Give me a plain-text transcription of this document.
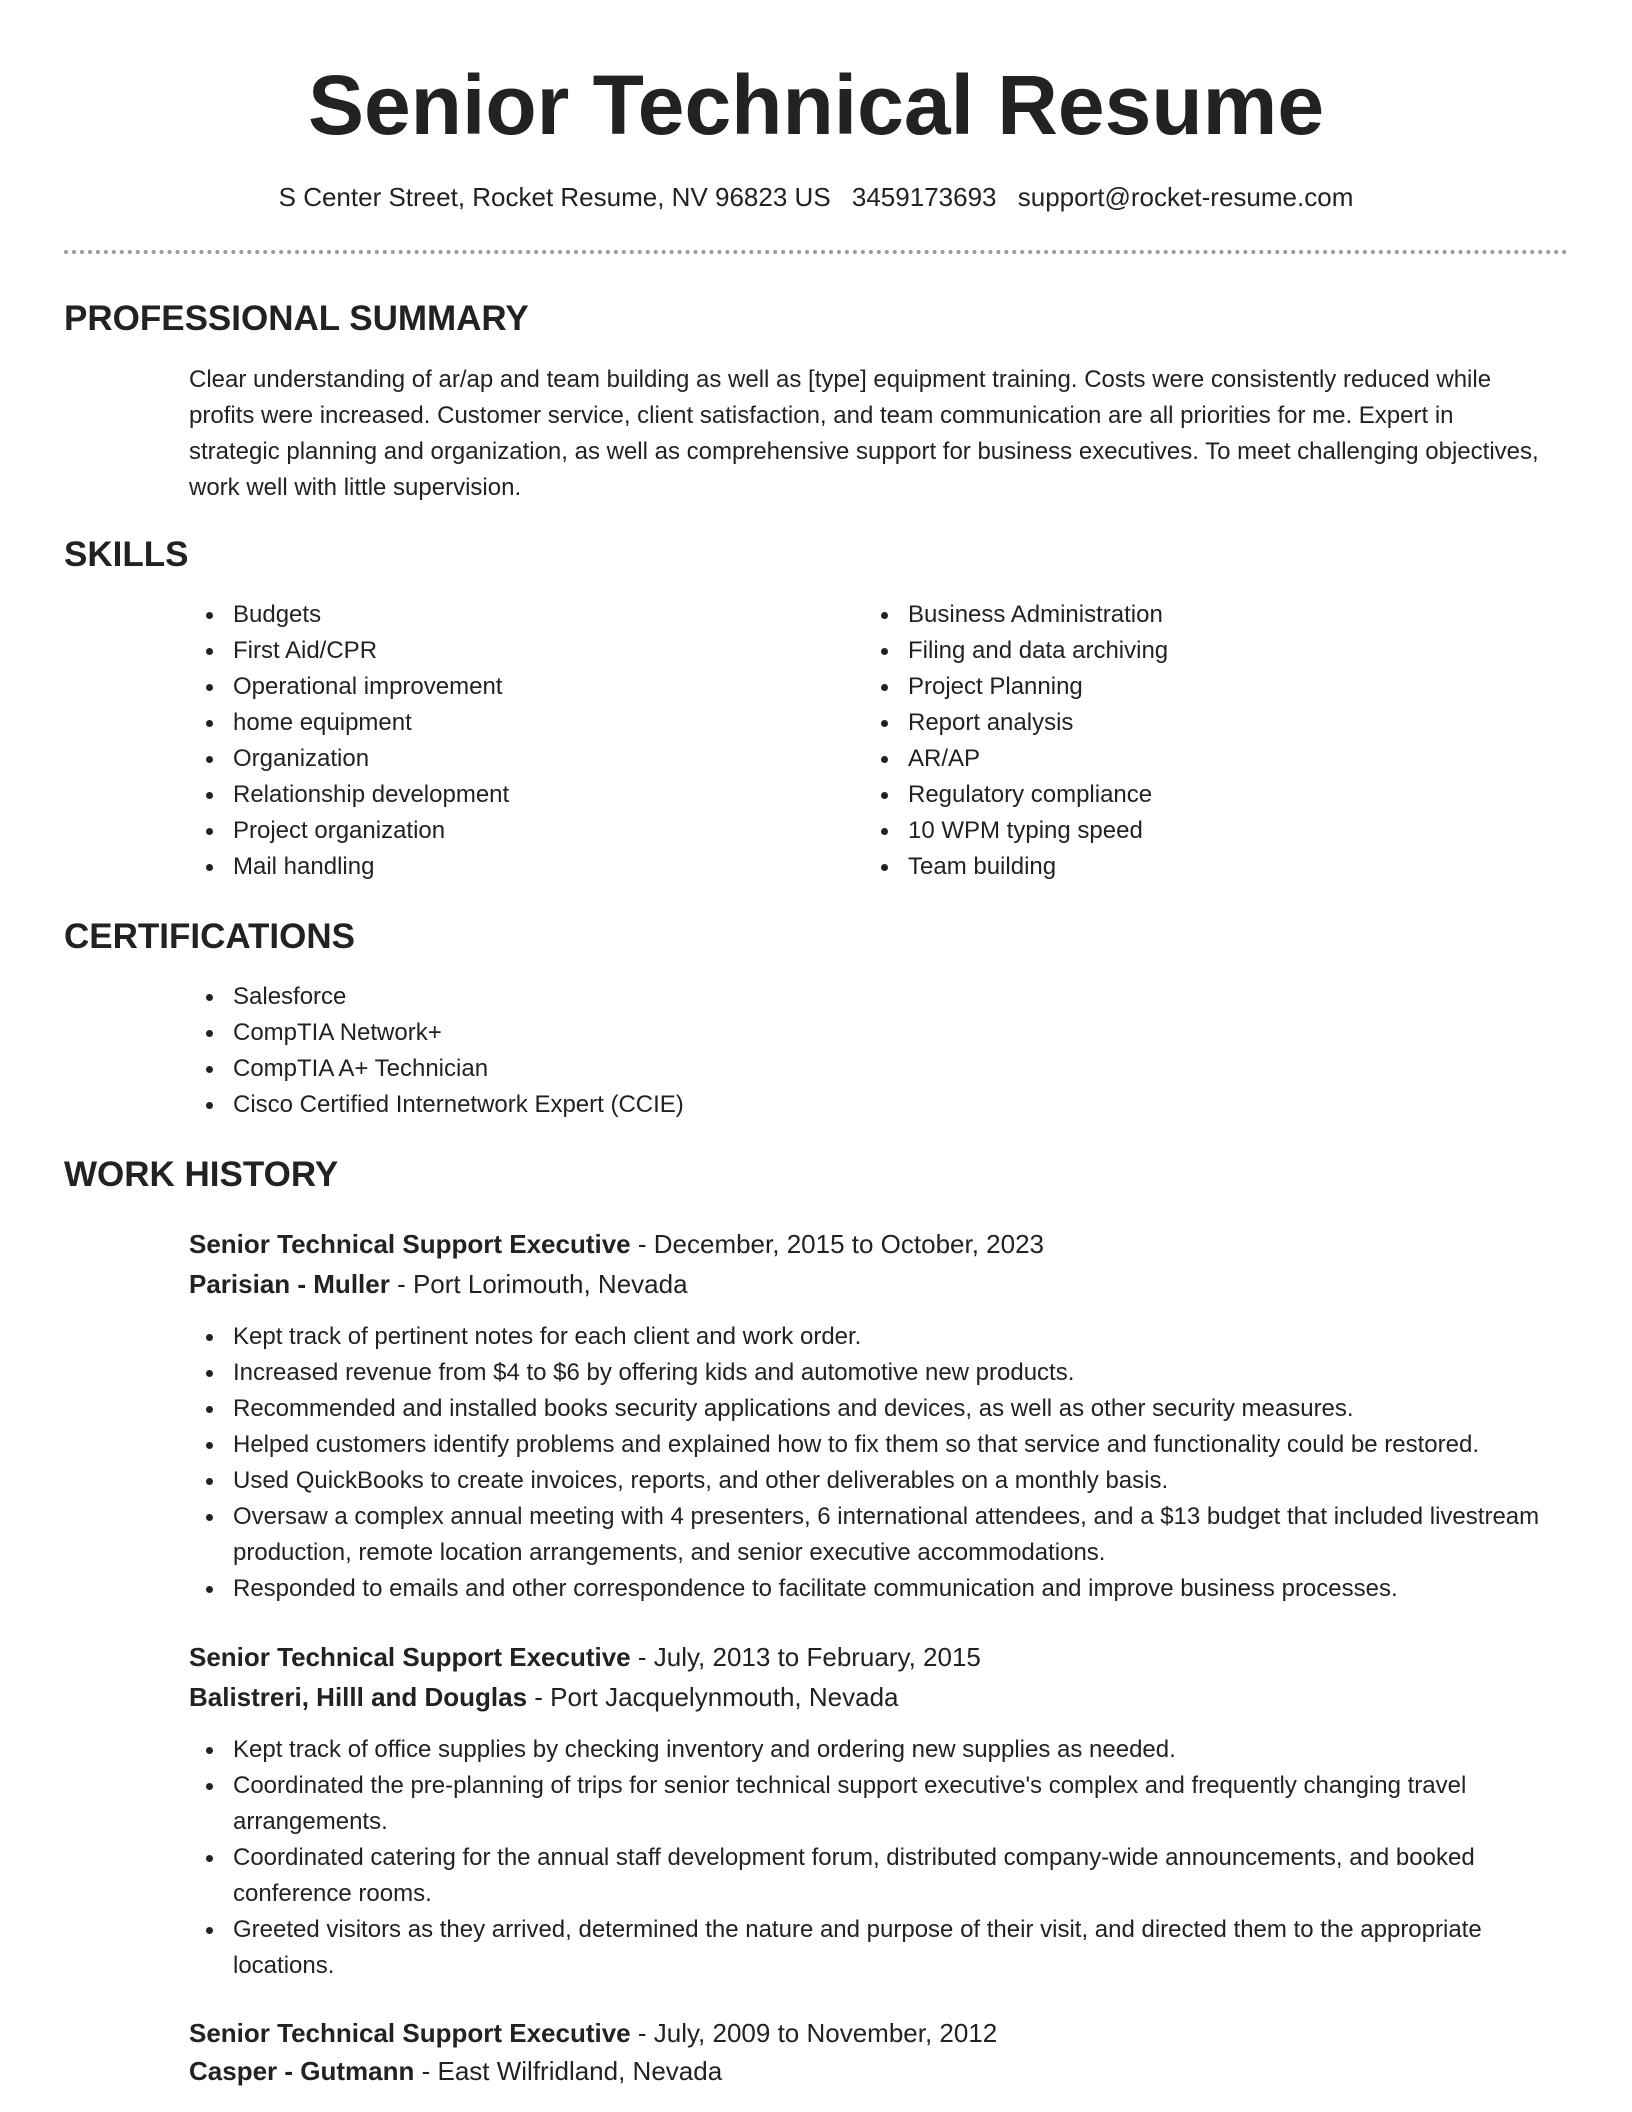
Senior Technical Resume
S Center Street, Rocket Resume, NV 96823 US 3459173693 support@rocket-resume.com
PROFESSIONAL SUMMARY

Clear understanding of ar/ap and team building as well as [type] equipment training. Costs were consistently reduced while profits were increased. Customer service, client satisfaction, and team communication are all priorities for me. Expert in strategic planning and organization, as well as comprehensive support for business executives. To meet challenging objectives, work well with little supervision.

SKILLS
Budgets
First Aid/CPR
Operational improvement
home equipment
Organization
Relationship development
Project organization
Mail handling
Business Administration
Filing and data archiving
Project Planning
Report analysis
AR/AP
Regulatory compliance
10 WPM typing speed
Team building
CERTIFICATIONS
Salesforce
CompTIA Network+
CompTIA A+ Technician
Cisco Certified Internetwork Expert (CCIE)
WORK HISTORY
Senior Technical Support Executive - December, 2015 to October, 2023
Parisian - Muller - Port Lorimouth, Nevada
Kept track of pertinent notes for each client and work order.
Increased revenue from $4 to $6 by offering kids and automotive new products.
Recommended and installed books security applications and devices, as well as other security measures.
Helped customers identify problems and explained how to fix them so that service and functionality could be restored.
Used QuickBooks to create invoices, reports, and other deliverables on a monthly basis.
Oversaw a complex annual meeting with 4 presenters, 6 international attendees, and a $13 budget that included livestream production, remote location arrangements, and senior executive accommodations.
Responded to emails and other correspondence to facilitate communication and improve business processes.
Senior Technical Support Executive - July, 2013 to February, 2015
Balistreri, Hilll and Douglas - Port Jacquelynmouth, Nevada
Kept track of office supplies by checking inventory and ordering new supplies as needed.
Coordinated the pre-planning of trips for senior technical support executive's complex and frequently changing travel arrangements.
Coordinated catering for the annual staff development forum, distributed company-wide announcements, and booked conference rooms.
Greeted visitors as they arrived, determined the nature and purpose of their visit, and directed them to the appropriate locations.
Senior Technical Support Executive - July, 2009 to November, 2012
Casper - Gutmann - East Wilfridland, Nevada
